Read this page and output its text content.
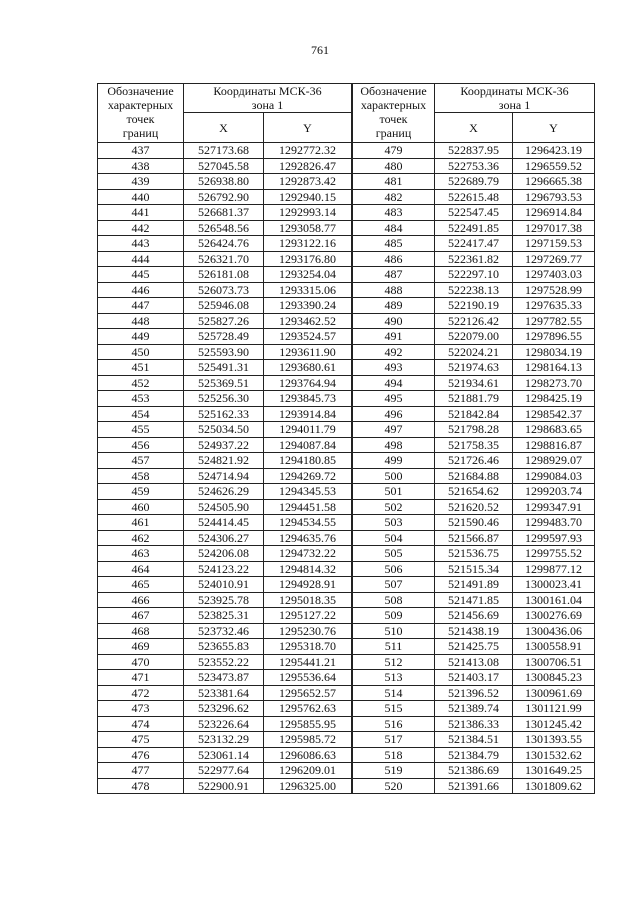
761
Обозначение
характерных
точек
границ	Координаты МСК-36
зона 1	

	X	Y
437	527173.68	1292772.32
438	527045.58	1292826.47
439	526938.80	1292873.42
440	526792.90	1292940.15
441	526681.37	1292993.14
442	526548.56	1293058.77
443	526424.76	1293122.16
444	526321.70	1293176.80
445	526181.08	1293254.04
446	526073.73	1293315.06
447	525946.08	1293390.24
448	525827.26	1293462.52
449	525728.49	1293524.57
450	525593.90	1293611.90
451	525491.31	1293680.61
452	525369.51	1293764.94
453	525256.30	1293845.73
454	525162.33	1293914.84
455	525034.50	1294011.79
456	524937.22	1294087.84
457	524821.92	1294180.85
458	524714.94	1294269.72
459	524626.29	1294345.53
460	524505.90	1294451.58
461	524414.45	1294534.55
462	524306.27	1294635.76
463	524206.08	1294732.22
464	524123.22	1294814.32
465	524010.91	1294928.91
466	523925.78	1295018.35
467	523825.31	1295127.22
468	523732.46	1295230.76
469	523655.83	1295318.70
470	523552.22	1295441.21
471	523473.87	1295536.64
472	523381.64	1295652.57
473	523296.62	1295762.63
474	523226.64	1295855.95
475	523132.29	1295985.72
476	523061.14	1296086.63
477	522977.64	1296209.01
478	522900.91	1296325.00
Обозначение
характерных
точек
границ	Координаты МСК-36
зона 1	

	X	Y
479	522837.95	1296423.19
480	522753.36	1296559.52
481	522689.79	1296665.38
482	522615.48	1296793.53
483	522547.45	1296914.84
484	522491.85	1297017.38
485	522417.47	1297159.53
486	522361.82	1297269.77
487	522297.10	1297403.03
488	522238.13	1297528.99
489	522190.19	1297635.33
490	522126.42	1297782.55
491	522079.00	1297896.55
492	522024.21	1298034.19
493	521974.63	1298164.13
494	521934.61	1298273.70
495	521881.79	1298425.19
496	521842.84	1298542.37
497	521798.28	1298683.65
498	521758.35	1298816.87
499	521726.46	1298929.07
500	521684.88	1299084.03
501	521654.62	1299203.74
502	521620.52	1299347.91
503	521590.46	1299483.70
504	521566.87	1299597.93
505	521536.75	1299755.52
506	521515.34	1299877.12
507	521491.89	1300023.41
508	521471.85	1300161.04
509	521456.69	1300276.69
510	521438.19	1300436.06
511	521425.75	1300558.91
512	521413.08	1300706.51
513	521403.17	1300845.23
514	521396.52	1300961.69
515	521389.74	1301121.99
516	521386.33	1301245.42
517	521384.51	1301393.55
518	521384.79	1301532.62
519	521386.69	1301649.25
520	521391.66	1301809.62
